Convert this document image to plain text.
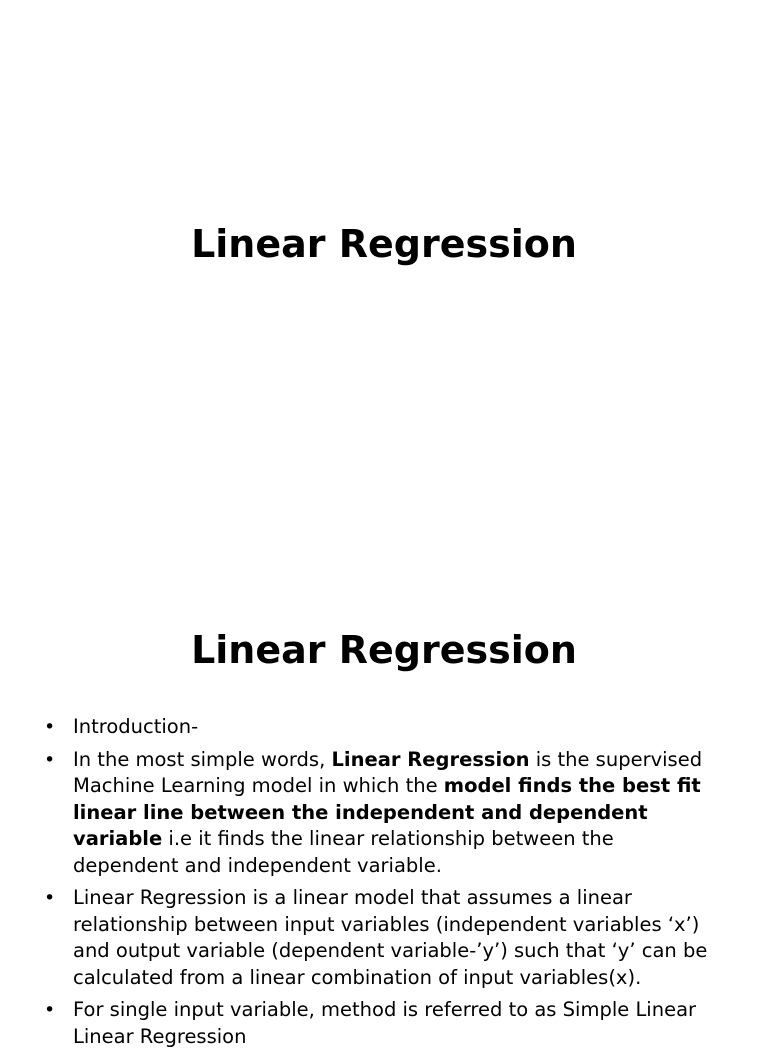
Linear Regression
Linear Regression
• Introduction-
• In the most simple words, Linear Regression is the supervised Machine Learning model in which the model finds the best fit linear line between the independent and dependent variable i.e it finds the linear relationship between the dependent and independent variable.
• Linear Regression is a linear model that assumes a linear relationship between input variables (independent variables ‘x’) and output variable (dependent variable-’y’) such that ‘y’ can be calculated from a linear combination of input variables(x).
• For single input variable, method is referred to as Simple Linear Linear Regression
